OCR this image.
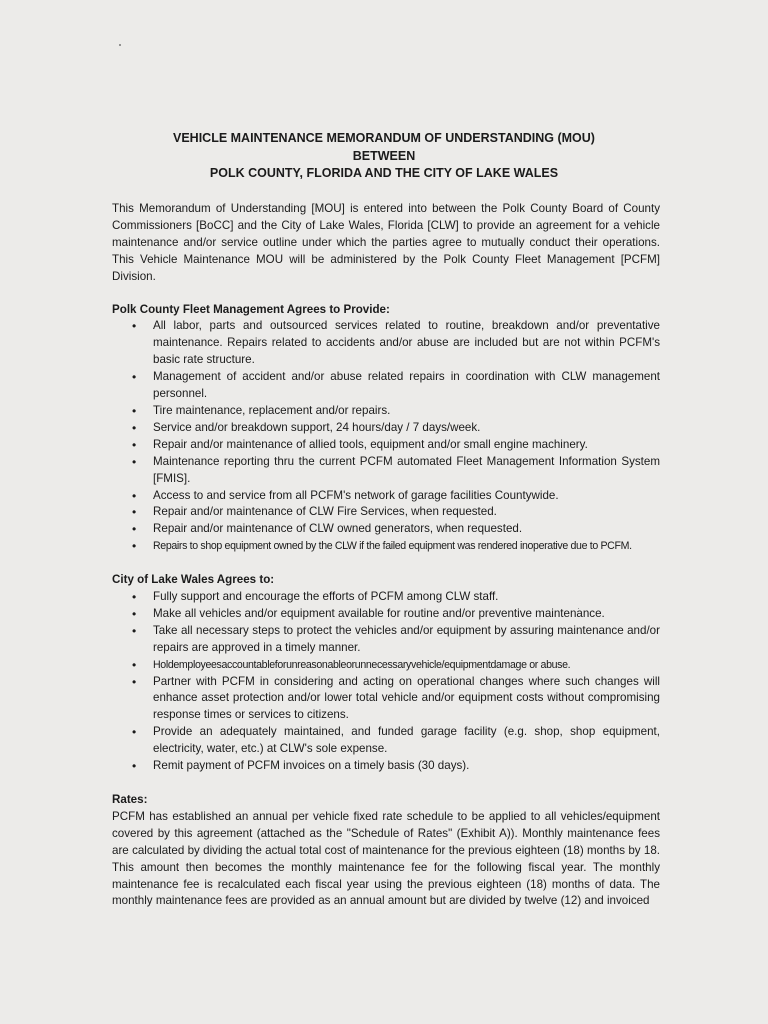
VEHICLE MAINTENANCE MEMORANDUM OF UNDERSTANDING (MOU)
BETWEEN
POLK COUNTY, FLORIDA AND THE CITY OF LAKE WALES

This Memorandum of Understanding [MOU] is entered into between the Polk County Board of County Commissioners [BoCC] and the City of Lake Wales, Florida [CLW] to provide an agreement for a vehicle maintenance and/or service outline under which the parties agree to mutually conduct their operations. This Vehicle Maintenance MOU will be administered by the Polk County Fleet Management [PCFM] Division.

Polk County Fleet Management Agrees to Provide:

• All labor, parts and outsourced services related to routine, breakdown and/or preventative maintenance. Repairs related to accidents and/or abuse are included but are not within PCFM's basic rate structure.
• Management of accident and/or abuse related repairs in coordination with CLW management personnel.
• Tire maintenance, replacement and/or repairs.
• Service and/or breakdown support, 24 hours/day / 7 days/week.
• Repair and/or maintenance of allied tools, equipment and/or small engine machinery.
• Maintenance reporting thru the current PCFM automated Fleet Management Information System [FMIS].
• Access to and service from all PCFM's network of garage facilities Countywide.
• Repair and/or maintenance of CLW Fire Services, when requested.
• Repair and/or maintenance of CLW owned generators, when requested.
• Repairs to shop equipment owned by the CLW if the failed equipment was rendered inoperative due to PCFM.

City of Lake Wales Agrees to:

• Fully support and encourage the efforts of PCFM among CLW staff.
• Make all vehicles and/or equipment available for routine and/or preventive maintenance.
• Take all necessary steps to protect the vehicles and/or equipment by assuring maintenance and/or repairs are approved in a timely manner.
• Holdemployeesaccountableforunreasonableorunnecessaryvehicle/equipmentdamage or abuse.
• Partner with PCFM in considering and acting on operational changes where such changes will enhance asset protection and/or lower total vehicle and/or equipment costs without compromising response times or services to citizens.
• Provide an adequately maintained, and funded garage facility (e.g. shop, shop equipment, electricity, water, etc.) at CLW's sole expense.
• Remit payment of PCFM invoices on a timely basis (30 days).

Rates:

PCFM has established an annual per vehicle fixed rate schedule to be applied to all vehicles/equipment covered by this agreement (attached as the "Schedule of Rates" (Exhibit A)). Monthly maintenance fees are calculated by dividing the actual total cost of maintenance for the previous eighteen (18) months by 18. This amount then becomes the monthly maintenance fee for the following fiscal year. The monthly maintenance fee is recalculated each fiscal year using the previous eighteen (18) months of data. The monthly maintenance fees are provided as an annual amount but are divided by twelve (12) and invoiced
